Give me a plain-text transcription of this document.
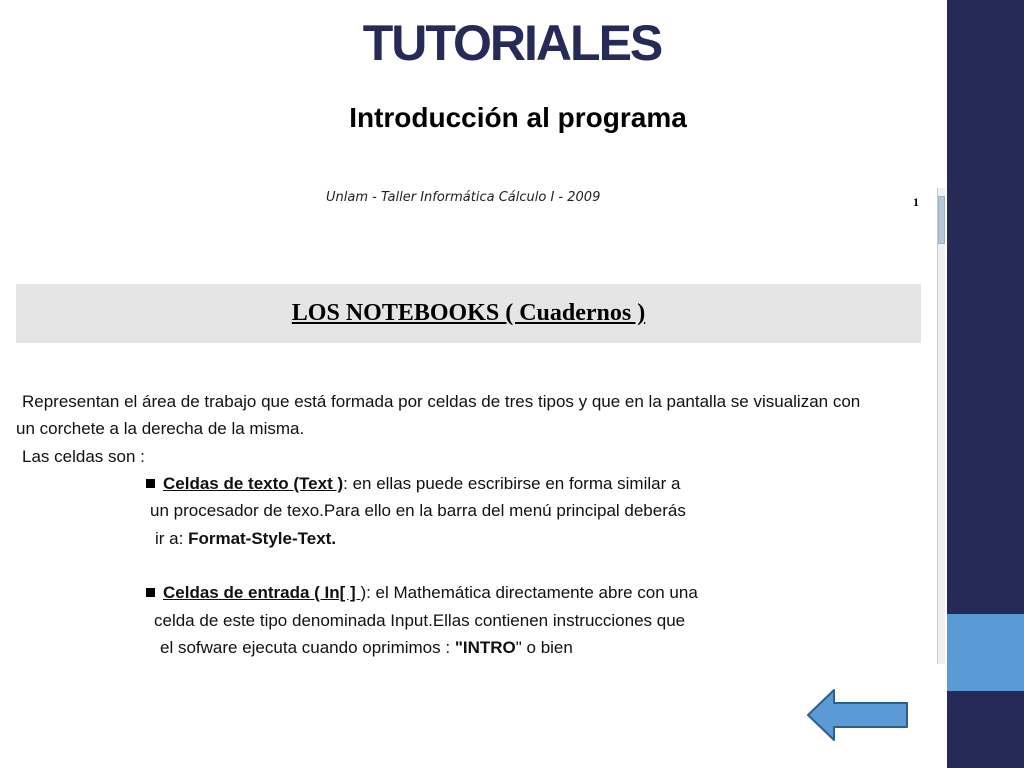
TUTORIALES
Introducción al programa
Unlam - Taller Informática Cálculo I - 2009	1
LOS NOTEBOOKS ( Cuadernos )
Representan el área de trabajo que está formada por celdas de tres tipos y que en la pantalla se visualizan con
un corchete a la derecha de la misma.
Las celdas son :
Celdas de texto (Text ): en ellas puede escribirse en forma similar a
un procesador de texo.Para ello en la barra del menú principal deberás
ir a: Format-Style-Text.
Celdas de entrada ( In[ ] ): el Mathemática directamente abre con una
celda de este tipo denominada Input.Ellas contienen instrucciones que
el sofware ejecuta cuando oprimimos : "INTRO" o bien
